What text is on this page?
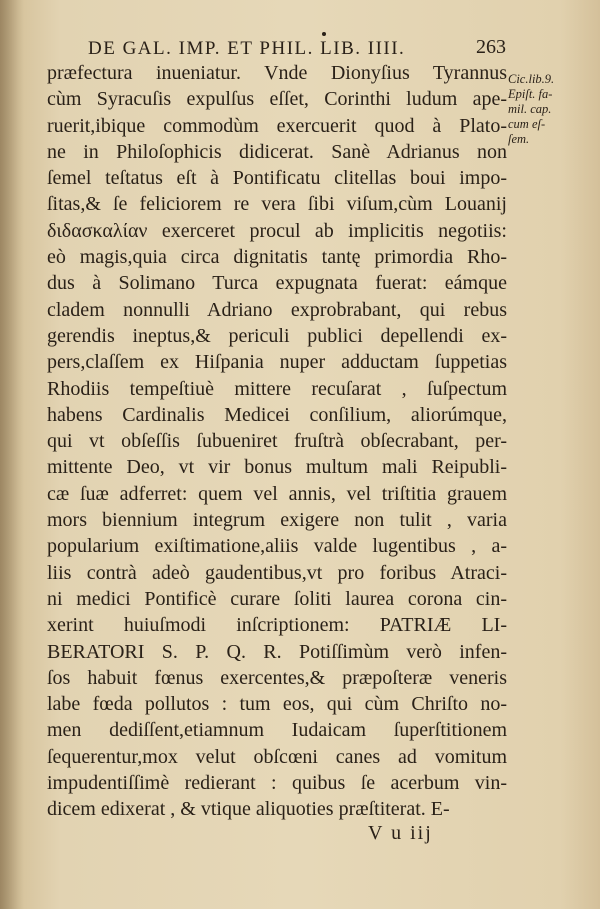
DE GAL. IMP. ET PHIL. LIB. IIII.	263
præfectura inueniatur. Vnde Dionyſius Tyrannus
cùm Syracuſis expulſus eſſet, Corinthi ludum ape-
ruerit,ibique commodùm exercuerit quod à Plato-
ne in Philoſophicis didicerat. Sanè Adrianus non
ſemel teſtatus eſt à Pontificatu clitellas boui impo-
ſitas,& ſe feliciorem re vera ſibi viſum,cùm Louanij
διδασκαλίαν exerceret procul ab implicitis negotiis:
eò magis,quia circa dignitatis tantę primordia Rho-
dus à Solimano Turca expugnata fuerat: eámque
cladem nonnulli Adriano exprobrabant, qui rebus
gerendis ineptus,& periculi publici depellendi ex-
pers,claſſem ex Hiſpania nuper adductam ſuppetias
Rhodiis tempeſtiuè mittere recuſarat , ſuſpectum
habens Cardinalis Medicei conſilium, aliorúmque,
qui vt obſeſſis ſubueniret fruſtrà obſecrabant, per-
mittente Deo, vt vir bonus multum mali Reipubli-
cæ ſuæ adferret: quem vel annis, vel triſtitia grauem
mors biennium integrum exigere non tulit , varia
popularium exiſtimatione,aliis valde lugentibus , a-
liis contrà adeò gaudentibus,vt pro foribus Atraci-
ni medici Pontificè curare ſoliti laurea corona cin-
xerint huiuſmodi inſcriptionem: PATRIÆ LI-
BERATORI S. P. Q. R. Potiſſimùm verò infen-
ſos habuit fœnus exercentes,& præpoſteræ veneris
labe fœda pollutos : tum eos, qui cùm Chriſto no-
men dediſſent,etiamnum Iudaicam ſuperſtitionem
ſequerentur,mox velut obſcœni canes ad vomitum
impudentiſſimè redierant : quibus ſe acerbum vin-
dicem edixerat , & vtique aliquoties præſtiterat. E-
Cic.lib.9.
Epiſt. fa-
mil. cap.
cum eſ-
ſem.
V u iij
